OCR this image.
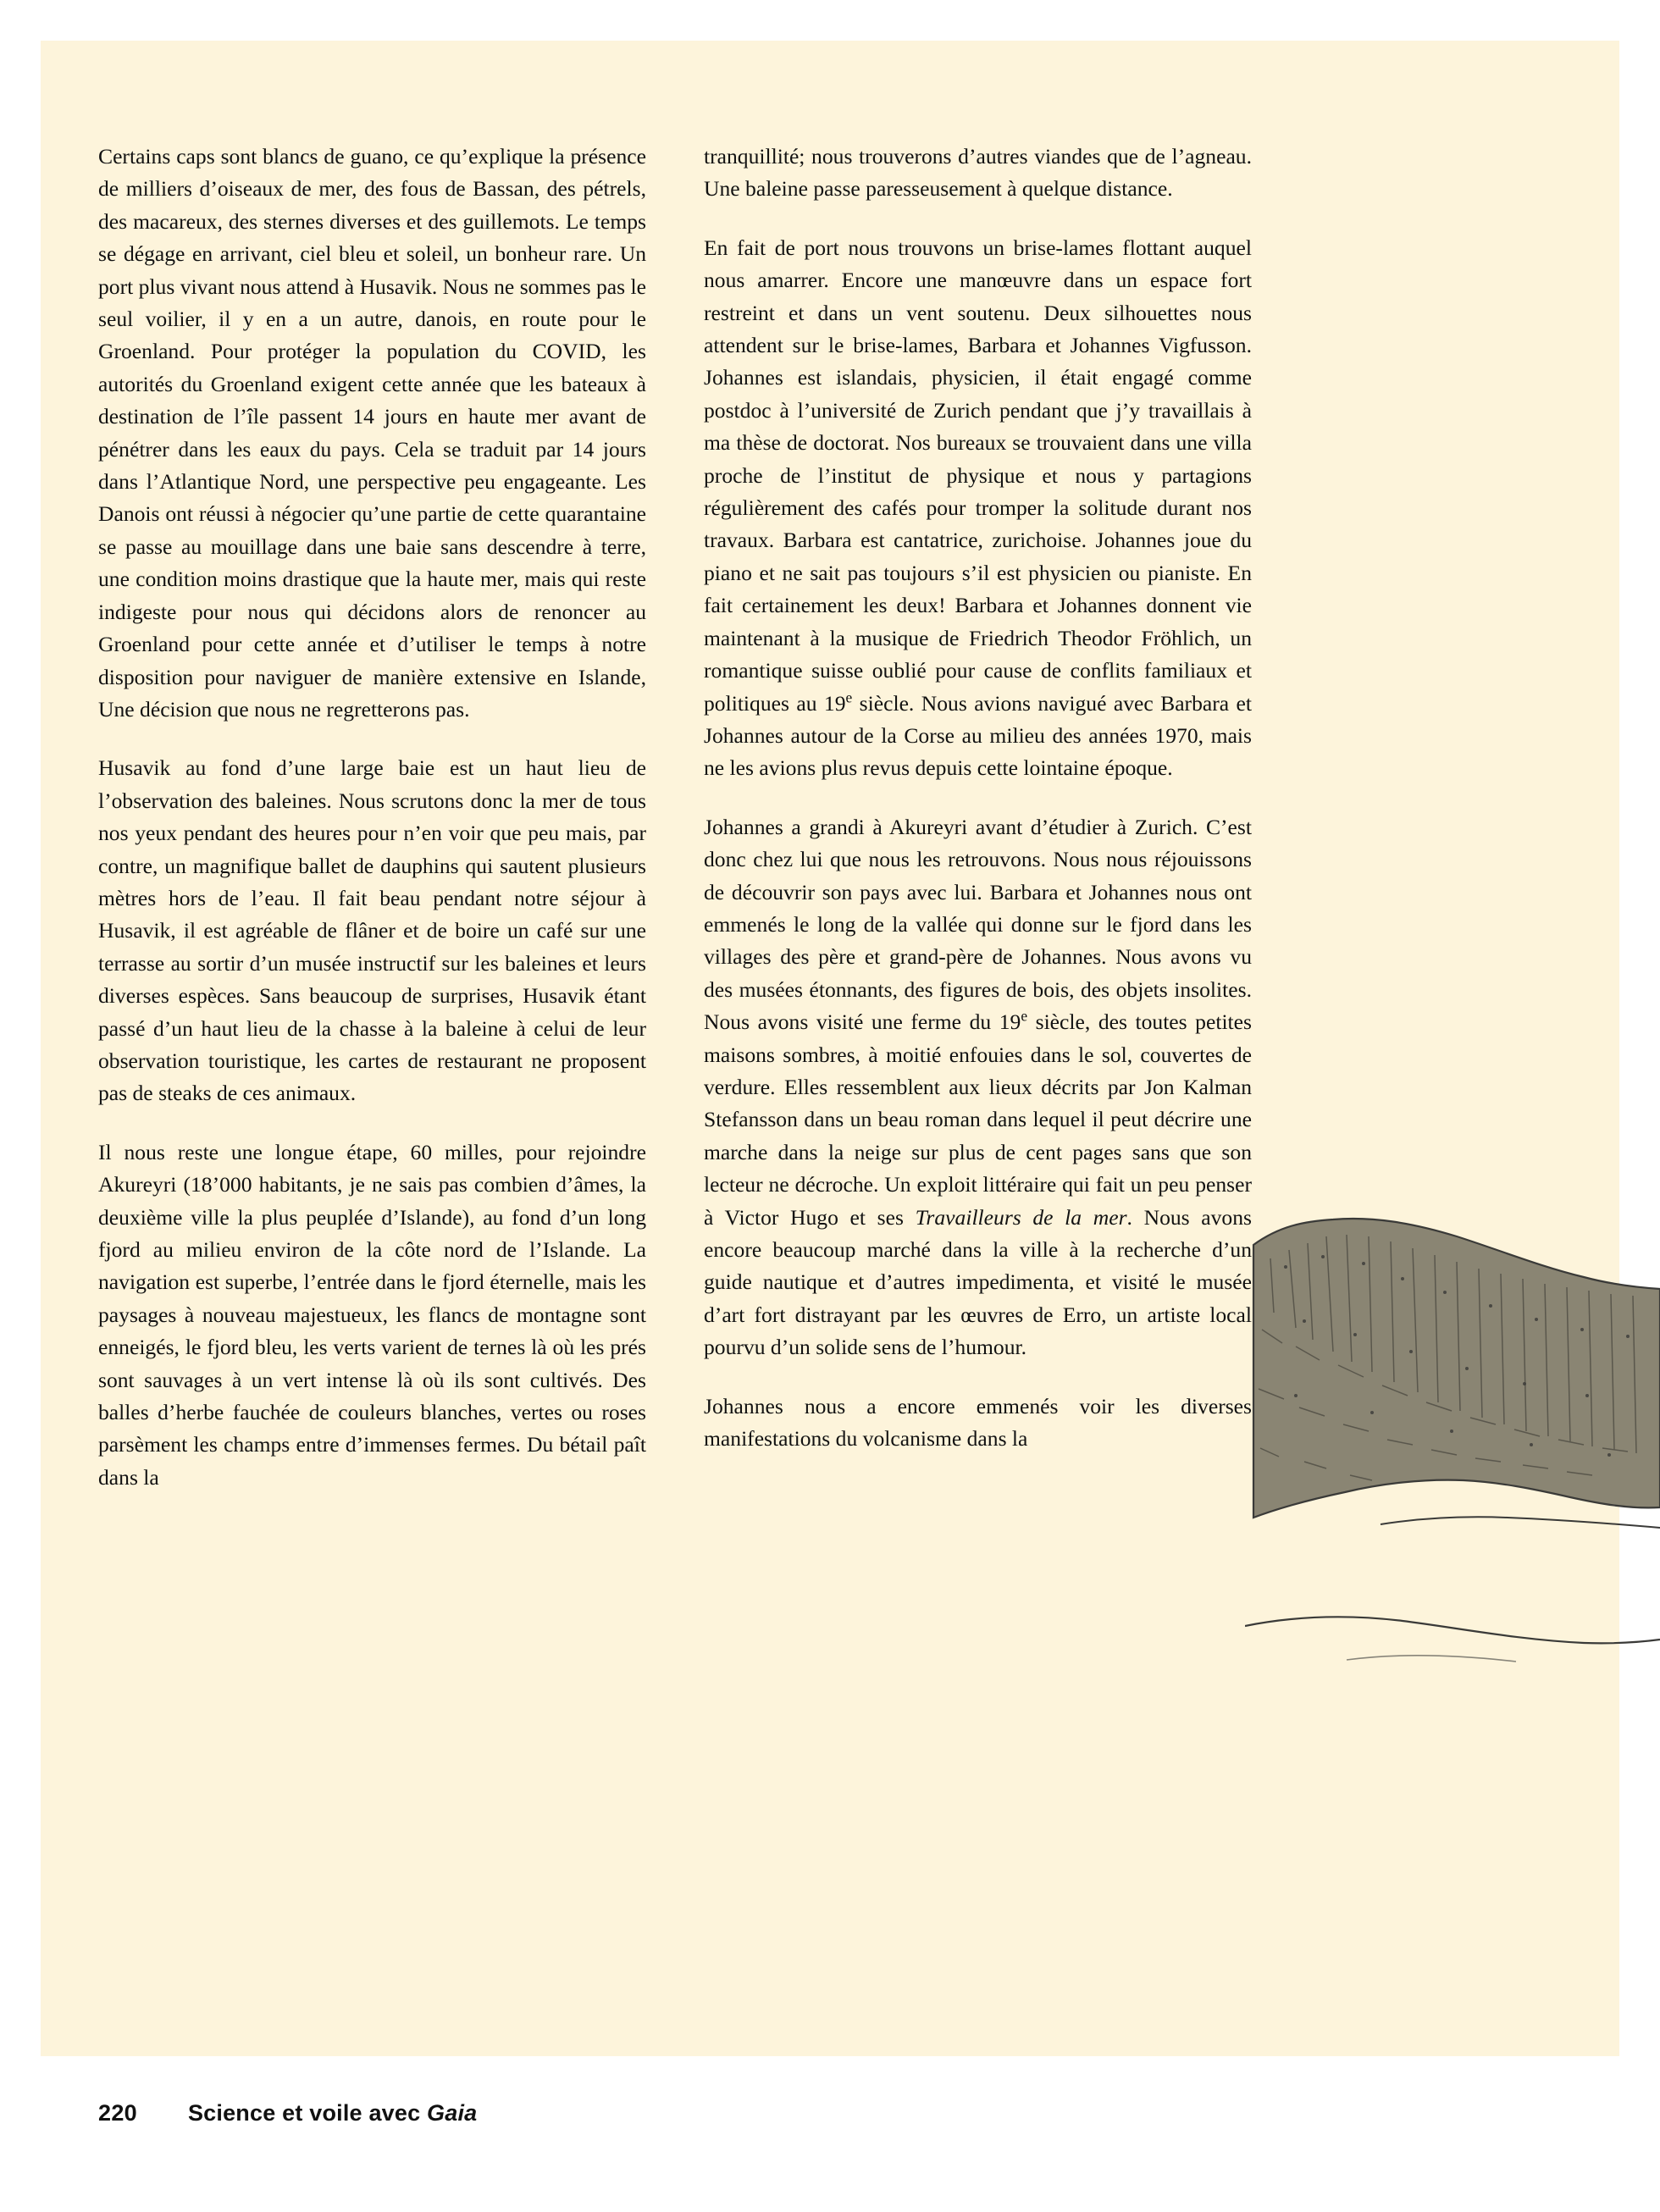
Certains caps sont blancs de guano, ce qu’explique la présence de milliers d’oiseaux de mer, des fous de Bassan, des pétrels, des macareux, des sternes diverses et des guillemots. Le temps se dégage en arrivant, ciel bleu et soleil, un bonheur rare. Un port plus vivant nous attend à Husavik. Nous ne sommes pas le seul voilier, il y en a un autre, danois, en route pour le Groenland. Pour protéger la population du COVID, les autorités du Groenland exigent cette année que les bateaux à destination de l’île passent 14 jours en haute mer avant de pénétrer dans les eaux du pays. Cela se traduit par 14 jours dans l’Atlantique Nord, une perspective peu engageante. Les Danois ont réussi à négocier qu’une partie de cette quarantaine se passe au mouillage dans une baie sans descendre à terre, une condition moins drastique que la haute mer, mais qui reste indigeste pour nous qui décidons alors de renoncer au Groenland pour cette année et d’utiliser le temps à notre disposition pour naviguer de manière extensive en Islande, Une décision que nous ne regretterons pas.

Husavik au fond d’une large baie est un haut lieu de l’observation des baleines. Nous scrutons donc la mer de tous nos yeux pendant des heures pour n’en voir que peu mais, par contre, un magnifique ballet de dauphins qui sautent plusieurs mètres hors de l’eau. Il fait beau pendant notre séjour à Husavik, il est agréable de flâner et de boire un café sur une terrasse au sortir d’un musée instructif sur les baleines et leurs diverses espèces. Sans beaucoup de surprises, Husavik étant passé d’un haut lieu de la chasse à la baleine à celui de leur observation touristique, les cartes de restaurant ne proposent pas de steaks de ces animaux.

Il nous reste une longue étape, 60 milles, pour rejoindre Akureyri (18’000 habitants, je ne sais pas combien d’âmes, la deuxième ville la plus peuplée d’Islande), au fond d’un long fjord au milieu environ de la côte nord de l’Islande. La navigation est superbe, l’entrée dans le fjord éternelle, mais les paysages à nouveau majestueux, les flancs de montagne sont enneigés, le fjord bleu, les verts varient de ternes là où les prés sont sauvages à un vert intense là où ils sont cultivés. Des balles d’herbe fauchée de couleurs blanches, vertes ou roses parsèment les champs entre d’immenses fermes. Du bétail paît dans la

tranquillité; nous trouverons d’autres viandes que de l’agneau. Une baleine passe paresseusement à quelque distance.

En fait de port nous trouvons un brise-lames flottant auquel nous amarrer. Encore une manœuvre dans un espace fort restreint et dans un vent soutenu. Deux silhouettes nous attendent sur le brise-lames, Barbara et Johannes Vigfusson. Johannes est islandais, physicien, il était engagé comme postdoc à l’université de Zurich pendant que j’y travaillais à ma thèse de doctorat. Nos bureaux se trouvaient dans une villa proche de l’institut de physique et nous y partagions régulièrement des cafés pour tromper la solitude durant nos travaux. Barbara est cantatrice, zurichoise. Johannes joue du piano et ne sait pas toujours s’il est physicien ou pianiste. En fait certainement les deux! Barbara et Johannes donnent vie maintenant à la musique de Friedrich Theodor Fröhlich, un romantique suisse oublié pour cause de conflits familiaux et politiques au 19e siècle. Nous avions navigué avec Barbara et Johannes autour de la Corse au milieu des années 1970, mais ne les avions plus revus depuis cette lointaine époque.

Johannes a grandi à Akureyri avant d’étudier à Zurich. C’est donc chez lui que nous les retrouvons. Nous nous réjouissons de découvrir son pays avec lui. Barbara et Johannes nous ont emmenés le long de la vallée qui donne sur le fjord dans les villages des père et grand-père de Johannes. Nous avons vu des musées étonnants, des figures de bois, des objets insolites. Nous avons visité une ferme du 19e siècle, des toutes petites maisons sombres, à moitié enfouies dans le sol, couvertes de verdure. Elles ressemblent aux lieux décrits par Jon Kalman Stefansson dans un beau roman dans lequel il peut décrire une marche dans la neige sur plus de cent pages sans que son lecteur ne décroche. Un exploit littéraire qui fait un peu penser à Victor Hugo et ses Travailleurs de la mer. Nous avons encore beaucoup marché dans la ville à la recherche d’un guide nautique et d’autres impedimenta, et visité le musée d’art fort distrayant par les œuvres de Erro, un artiste local pourvu d’un solide sens de l’humour.

Johannes nous a encore emmenés voir les diverses manifestations du volcanisme dans la

220 Science et voile avec Gaia
